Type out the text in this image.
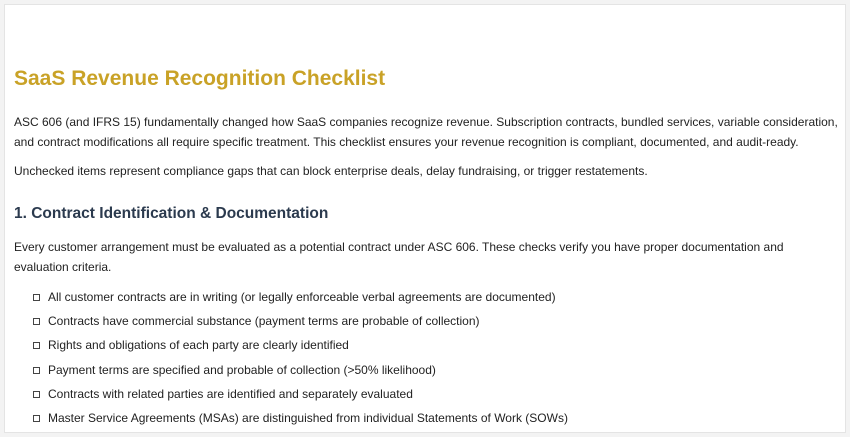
SaaS Revenue Recognition Checklist

ASC 606 (and IFRS 15) fundamentally changed how SaaS companies recognize revenue. Subscription contracts, bundled services, variable consideration, and contract modifications all require specific treatment. This checklist ensures your revenue recognition is compliant, documented, and audit-ready.

Unchecked items represent compliance gaps that can block enterprise deals, delay fundraising, or trigger restatements.

1. Contract Identification & Documentation

Every customer arrangement must be evaluated as a potential contract under ASC 606. These checks verify you have proper documentation and evaluation criteria.

All customer contracts are in writing (or legally enforceable verbal agreements are documented)
Contracts have commercial substance (payment terms are probable of collection)
Rights and obligations of each party are clearly identified
Payment terms are specified and probable of collection (>50% likelihood)
Contracts with related parties are identified and separately evaluated
Master Service Agreements (MSAs) are distinguished from individual Statements of Work (SOWs)
